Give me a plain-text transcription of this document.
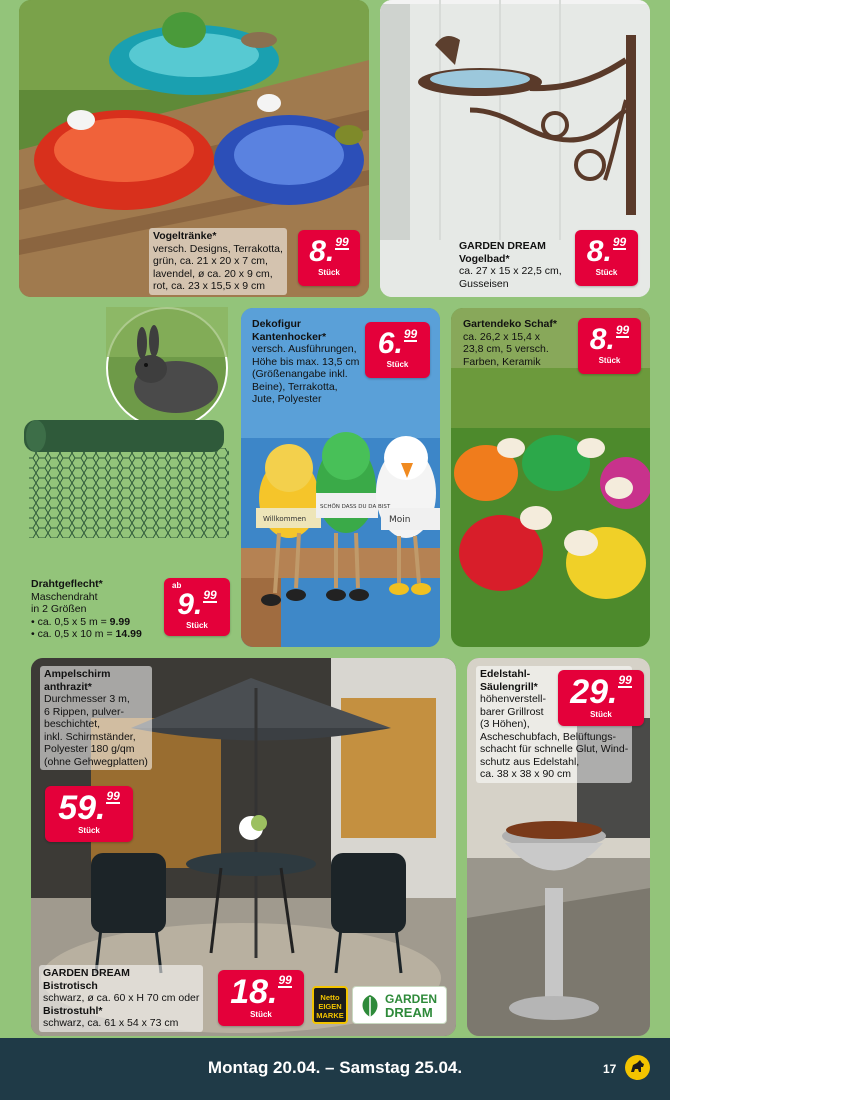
Vogeltränke*
versch. Designs, Terrakotta,
grün, ca. 21 x 20 x 7 cm,
lavendel, ø ca. 20 x 9 cm,
rot, ca. 23 x 15,5 x 9 cm
8.99
Stück
GARDEN DREAM
Vogelbad*
ca. 27 x 15 x 22,5 cm,
Gusseisen
8.99
Stück
Drahtgeflecht*
Maschendraht
in 2 Größen
• ca. 0,5 x 5 m = 9.99
• ca. 0,5 x 10 m = 14.99
ab
9.99
Stück
Willkommen
SCHÖN DASS DU DA BIST
Moin
Dekofigur
Kantenhocker*
versch. Ausführungen,
Höhe bis max. 13,5 cm
(Größenangabe inkl.
Beine), Terrakotta,
Jute, Polyester
6.99
Stück
Gartendeko Schaf*
ca. 26,2 x 15,4 x
23,8 cm, 5 versch.
Farben, Keramik
8.99
Stück
Ampelschirm
anthrazit*
Durchmesser 3 m,
6 Rippen, pulver-
beschichtet,
inkl. Schirmständer,
Polyester 180 g/qm
(ohne Gehwegplatten)
GARDEN DREAM
Bistrotisch
schwarz, ø ca. 60 x H 70 cm oder
Bistrostuhl*
schwarz, ca. 61 x 54 x 73 cm
59.99
Stück
18.99
Stück
Netto EIGEN MARKE
GARDEN
DREAM
Edelstahl-
Säulengrill*
höhenverstell-
barer Grillrost
(3 Höhen),
Ascheschubfach, Belüftungs-
schacht für schnelle Glut, Wind-
schutz aus Edelstahl,
ca. 38 x 38 x 90 cm
29.99
Stück
Montag 20.04. – Samstag 25.04.	17
